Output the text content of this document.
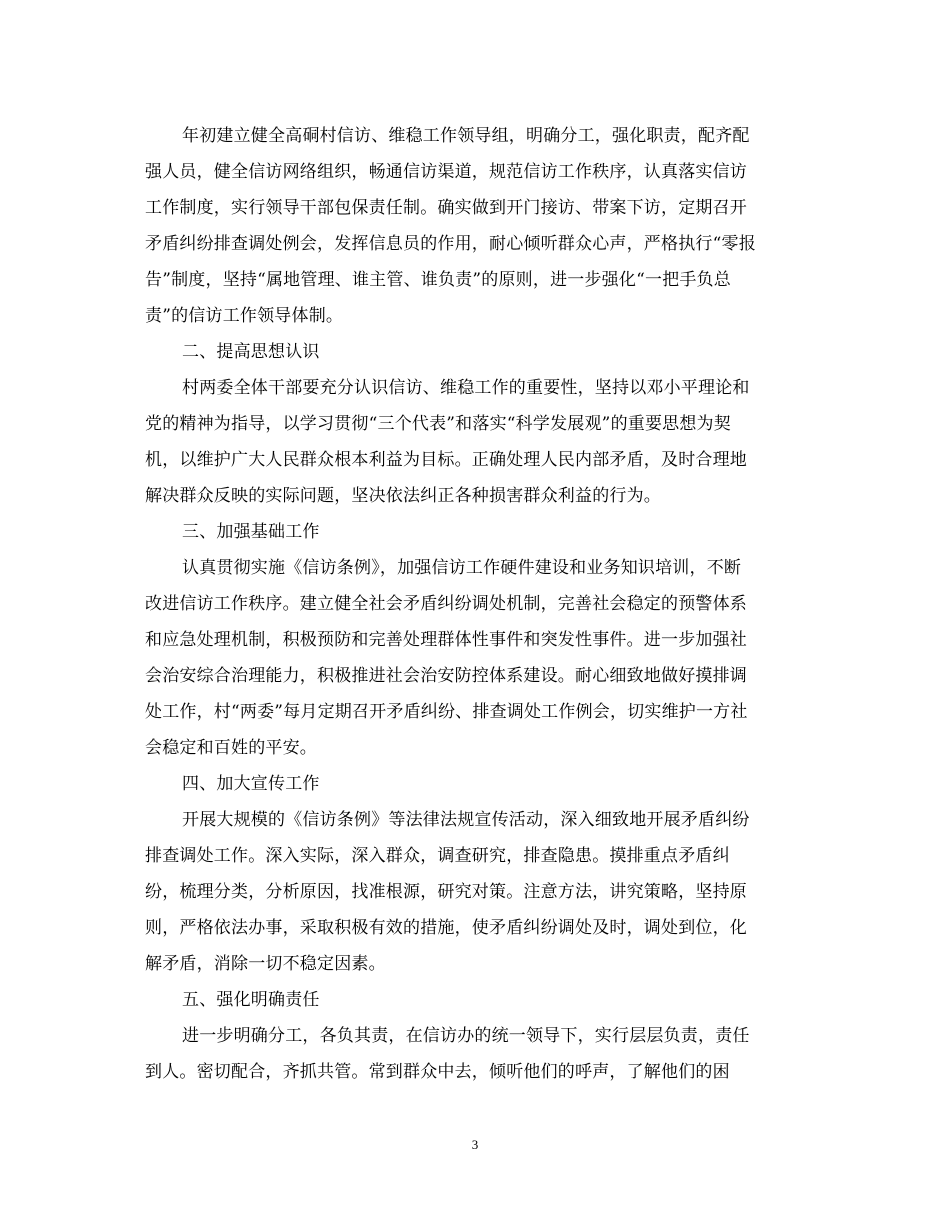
年初建立健全高硐村信访、维稳工作领导组，明确分工，强化职责，配齐配
强人员，健全信访网络组织，畅通信访渠道，规范信访工作秩序，认真落实信访
工作制度，实行领导干部包保责任制。确实做到开门接访、带案下访，定期召开
矛盾纠纷排查调处例会，发挥信息员的作用，耐心倾听群众心声，严格执行“零报
告”制度，坚持“属地管理、谁主管、谁负责”的原则，进一步强化“一把手负总
责”的信访工作领导体制。
二、提高思想认识
村两委全体干部要充分认识信访、维稳工作的重要性，坚持以邓小平理论和
党的精神为指导，以学习贯彻“三个代表”和落实“科学发展观”的重要思想为契
机，以维护广大人民群众根本利益为目标。正确处理人民内部矛盾，及时合理地
解决群众反映的实际问题，坚决依法纠正各种损害群众利益的行为。
三、加强基础工作
认真贯彻实施《信访条例》，加强信访工作硬件建设和业务知识培训，不断
改进信访工作秩序。建立健全社会矛盾纠纷调处机制，完善社会稳定的预警体系
和应急处理机制，积极预防和完善处理群体性事件和突发性事件。进一步加强社
会治安综合治理能力，积极推进社会治安防控体系建设。耐心细致地做好摸排调
处工作，村“两委”每月定期召开矛盾纠纷、排查调处工作例会，切实维护一方社
会稳定和百姓的平安。
四、加大宣传工作
开展大规模的《信访条例》等法律法规宣传活动，深入细致地开展矛盾纠纷
排查调处工作。深入实际，深入群众，调查研究，排查隐患。摸排重点矛盾纠
纷，梳理分类，分析原因，找准根源，研究对策。注意方法，讲究策略，坚持原
则，严格依法办事，采取积极有效的措施，使矛盾纠纷调处及时，调处到位，化
解矛盾，消除一切不稳定因素。
五、强化明确责任
进一步明确分工，各负其责，在信访办的统一领导下，实行层层负责，责任
到人。密切配合，齐抓共管。常到群众中去，倾听他们的呼声，了解他们的困
3
